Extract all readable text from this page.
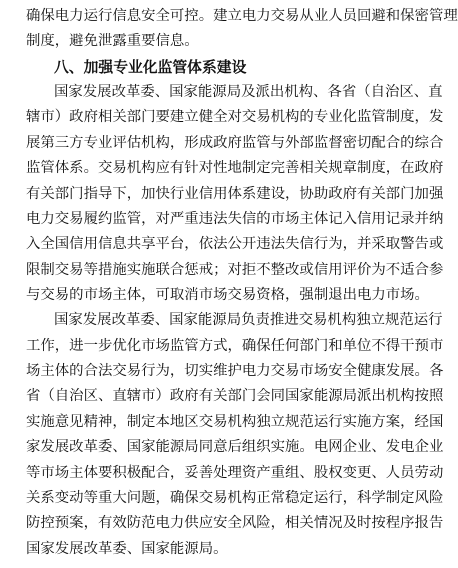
确保电力运行信息安全可控。建立电力交易从业人员回避和保密管理
制度，避免泄露重要信息。
八、加强专业化监管体系建设
国家发展改革委、国家能源局及派出机构、各省（自治区、直
辖市）政府相关部门要建立健全对交易机构的专业化监管制度，发
展第三方专业评估机构，形成政府监管与外部监督密切配合的综合
监管体系。交易机构应有针对性地制定完善相关规章制度，在政府
有关部门指导下，加快行业信用体系建设，协助政府有关部门加强
电力交易履约监管，对严重违法失信的市场主体记入信用记录并纳
入全国信用信息共享平台，依法公开违法失信行为，并采取警告或
限制交易等措施实施联合惩戒；对拒不整改或信用评价为不适合参
与交易的市场主体，可取消市场交易资格，强制退出电力市场。
国家发展改革委、国家能源局负责推进交易机构独立规范运行
工作，进一步优化市场监管方式，确保任何部门和单位不得干预市
场主体的合法交易行为，切实维护电力交易市场安全健康发展。各
省（自治区、直辖市）政府有关部门会同国家能源局派出机构按照
实施意见精神，制定本地区交易机构独立规范运行实施方案，经国
家发展改革委、国家能源局同意后组织实施。电网企业、发电企业
等市场主体要积极配合，妥善处理资产重组、股权变更、人员劳动
关系变动等重大问题，确保交易机构正常稳定运行，科学制定风险
防控预案，有效防范电力供应安全风险，相关情况及时按程序报告
国家发展改革委、国家能源局。
